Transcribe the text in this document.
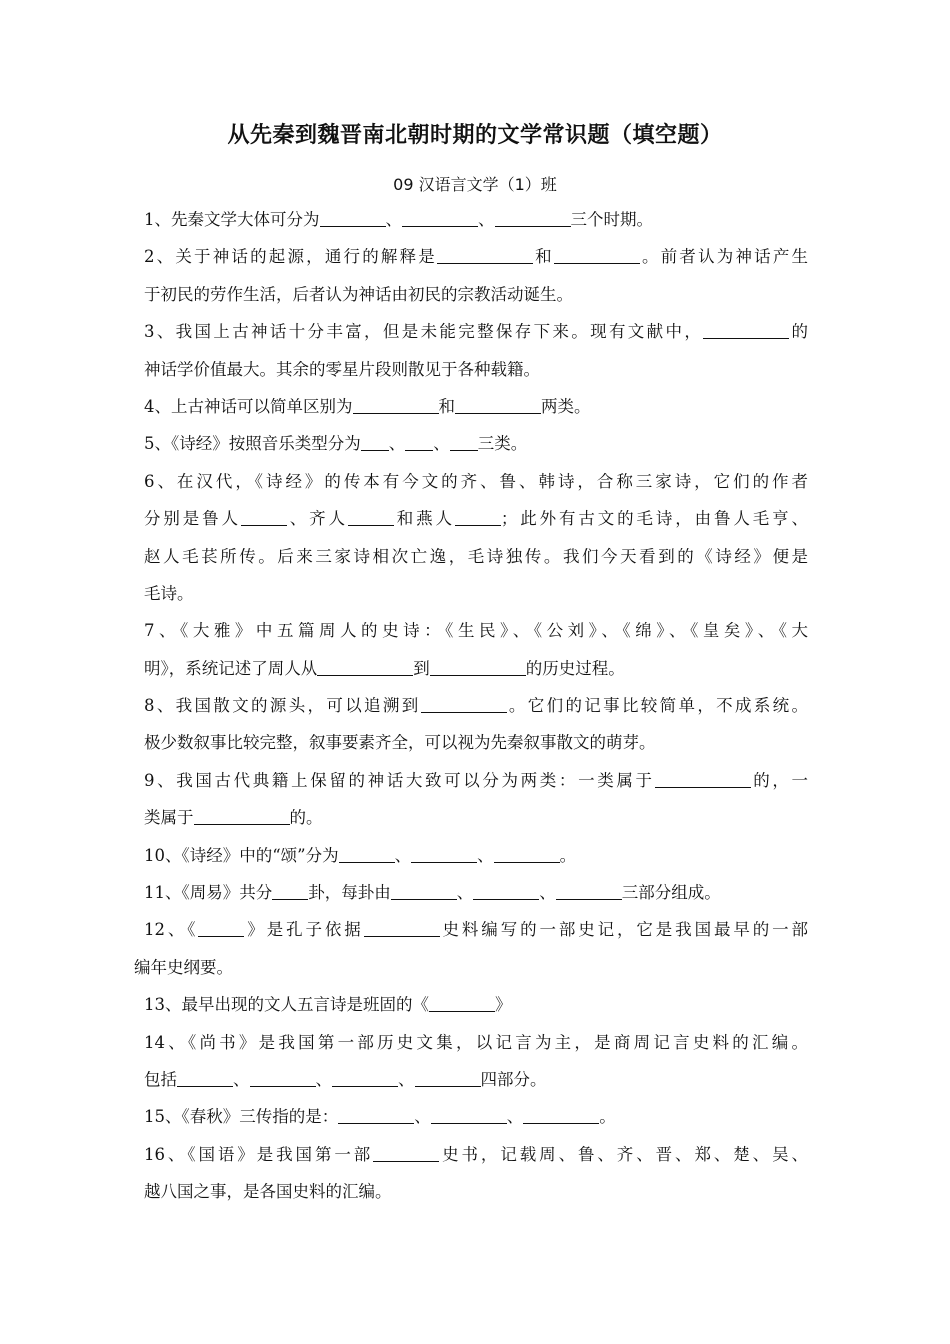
从先秦到魏晋南北朝时期的文学常识题（填空题）
09 汉语言文学（1）班
1、先秦文学大体可分为	、	、	三个时期。
2、关于神话的起源，通行的解释是	和	。前者认为神话产生
于初民的劳作生活，后者认为神话由初民的宗教活动诞生。
3、我国上古神话十分丰富，但是未能完整保存下来。现有文献中，	的
神话学价值最大。其余的零星片段则散见于各种载籍。
4、上古神话可以简单区别为	和	两类。
5、《诗经》按照音乐类型分为 、 、 三类。
6、在汉代，《诗经》的传本有今文的齐、鲁、韩诗，合称三家诗，它们的作者
分别是鲁人	、齐人	和燕人	；此外有古文的毛诗，由鲁人毛亨、
赵人毛苌所传。后来三家诗相次亡逸，毛诗独传。我们今天看到的《诗经》便是
毛诗。
7、《大雅》中五篇周人的史诗：《生民》、《公刘》、《绵》、《皇矣》、《大
明》，系统记述了周人从	到	的历史过程。
8、我国散文的源头，可以追溯到	。它们的记事比较简单，不成系统。
极少数叙事比较完整，叙事要素齐全，可以视为先秦叙事散文的萌芽。
9、我国古代典籍上保留的神话大致可以分为两类：一类属于	的，一
类属于	的。
10、《诗经》中的“颂”分为	、	、	。
11、《周易》共分 卦，每卦由	、	、	三部分组成。
12、《	》是孔子依据	史料编写的一部史记，它是我国最早的一部
编年史纲要。
13、最早出现的文人五言诗是班固的《	》
14、《尚书》是我国第一部历史文集，以记言为主，是商周记言史料的汇编。
包括	、	、	、	四部分。
15、《春秋》三传指的是：	、	、	。
16、《国语》是我国第一部	史书，记载周、鲁、齐、晋、郑、楚、吴、
越八国之事，是各国史料的汇编。
